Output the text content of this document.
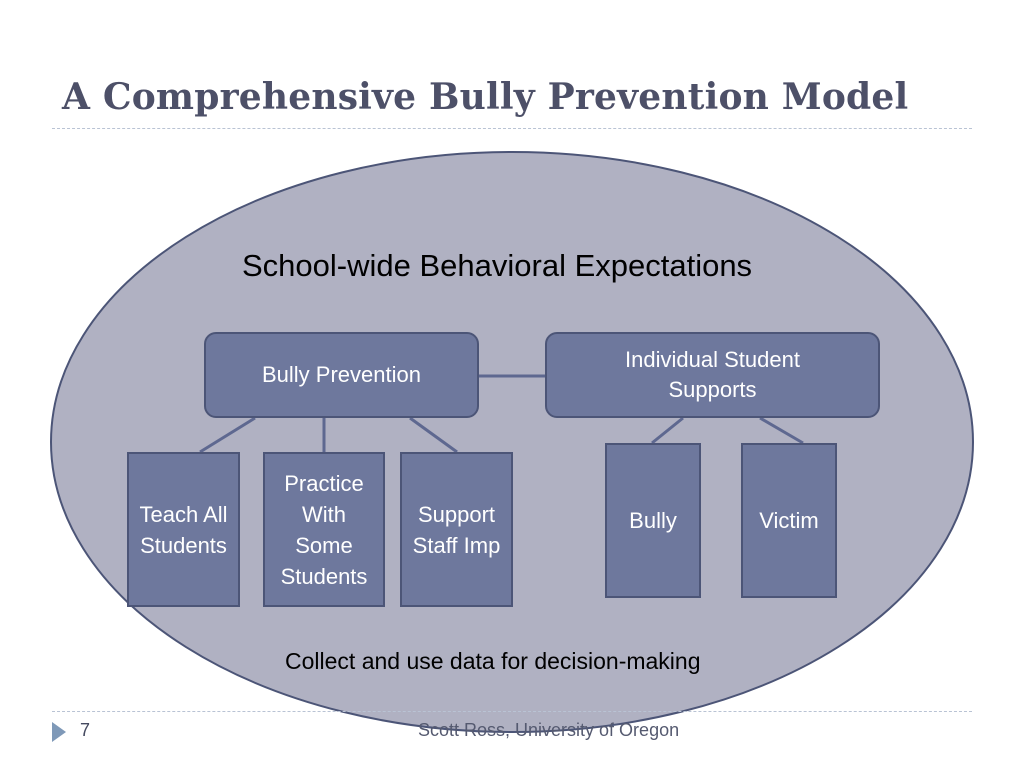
A Comprehensive Bully Prevention Model
School-wide Behavioral Expectations
Bully Prevention
Individual Student Supports
Teach All Students
Practice With Some Students
Support Staff Imp
Bully	Victim
Collect and use data for decision-making
7	Scott Ross, University of Oregon
